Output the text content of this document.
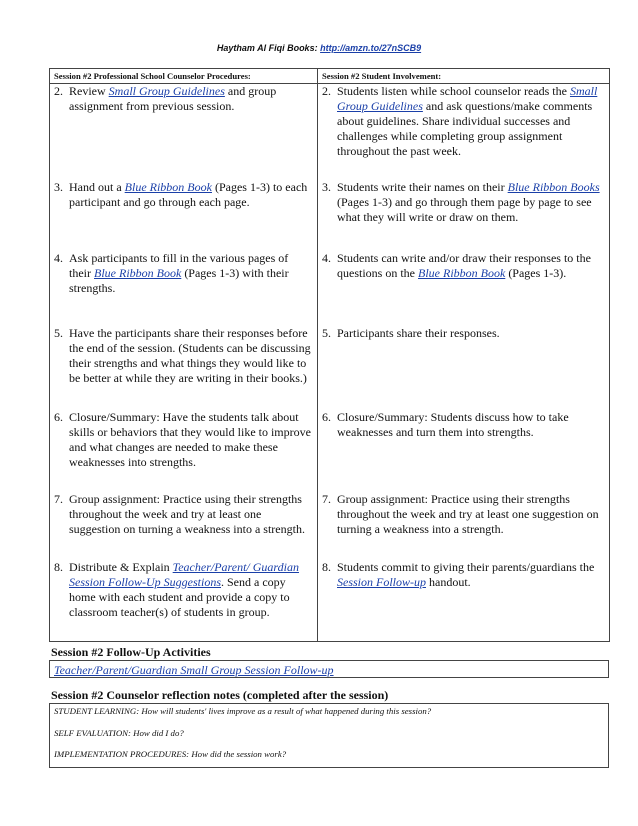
Haytham Al Fiqi Books: http://amzn.to/27nSCB9
Session #2 Professional School Counselor Procedures:	Session #2 Student Involvement:

2. Review Small Group Guidelines and group assignment from previous session.	2. Students listen while school counselor reads the Small Group Guidelines and ask questions/make comments about guidelines. Share individual successes and challenges while completing group assignment throughout the past week.

3. Hand out a Blue Ribbon Book (Pages 1-3) to each participant and go through each page.	3. Students write their names on their Blue Ribbon Books (Pages 1-3) and go through them page by page to see what they will write or draw on them.

4. Ask participants to fill in the various pages of their Blue Ribbon Book (Pages 1-3) with their strengths.	4. Students can write and/or draw their responses to the questions on the Blue Ribbon Book (Pages 1-3).

5. Have the participants share their responses before the end of the session. (Students can be discussing their strengths and what things they would like to be better at while they are writing in their books.)	5. Participants share their responses.

6. Closure/Summary: Have the students talk about skills or behaviors that they would like to improve and what changes are needed to make these weaknesses into strengths.	6. Closure/Summary: Students discuss how to take weaknesses and turn them into strengths.

7. Group assignment: Practice using their strengths throughout the week and try at least one suggestion on turning a weakness into a strength.	7. Group assignment: Practice using their strengths throughout the week and try at least one suggestion on turning a weakness into a strength.

8. Distribute & Explain Teacher/Parent/ Guardian Session Follow-Up Suggestions. Send a copy home with each student and provide a copy to classroom teacher(s) of students in group.	8. Students commit to giving their parents/guardians the Session Follow-up handout.
Session #2 Follow-Up Activities
Teacher/Parent/Guardian Small Group Session Follow-up
Session #2 Counselor reflection notes (completed after the session)

STUDENT LEARNING: How will students' lives improve as a result of what happened during this session?

SELF EVALUATION: How did I do?

IMPLEMENTATION PROCEDURES: How did the session work?
